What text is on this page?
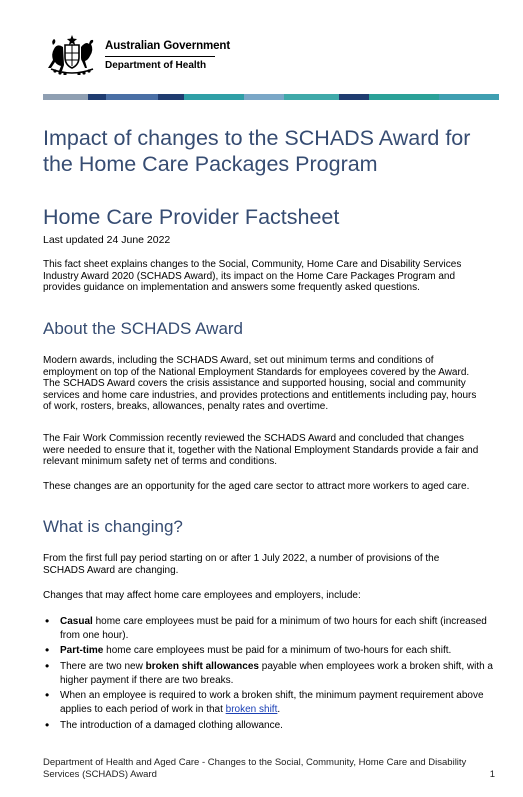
Australian Government
Department of Health
Impact of changes to the SCHADS Award for the Home Care Packages Program
Home Care Provider Factsheet
Last updated 24 June 2022

This fact sheet explains changes to the Social, Community, Home Care and Disability Services Industry Award 2020 (SCHADS Award), its impact on the Home Care Packages Program and provides guidance on implementation and answers some frequently asked questions.

About the SCHADS Award

Modern awards, including the SCHADS Award, set out minimum terms and conditions of employment on top of the National Employment Standards for employees covered by the Award. The SCHADS Award covers the crisis assistance and supported housing, social and community services and home care industries, and provides protections and entitlements including pay, hours of work, rosters, breaks, allowances, penalty rates and overtime.

The Fair Work Commission recently reviewed the SCHADS Award and concluded that changes were needed to ensure that it, together with the National Employment Standards provide a fair and relevant minimum safety net of terms and conditions.

These changes are an opportunity for the aged care sector to attract more workers to aged care.

What is changing?

From the first full pay period starting on or after 1 July 2022, a number of provisions of the SCHADS Award are changing.

Changes that may affect home care employees and employers, include:

• Casual home care employees must be paid for a minimum of two hours for each shift (increased from one hour).
• Part-time home care employees must be paid for a minimum of two-hours for each shift.
• There are two new broken shift allowances payable when employees work a broken shift, with a higher payment if there are two breaks.
• When an employee is required to work a broken shift, the minimum payment requirement above applies to each period of work in that broken shift.
• The introduction of a damaged clothing allowance.
Department of Health and Aged Care - Changes to the Social, Community, Home Care and Disability Services (SCHADS) Award	1
